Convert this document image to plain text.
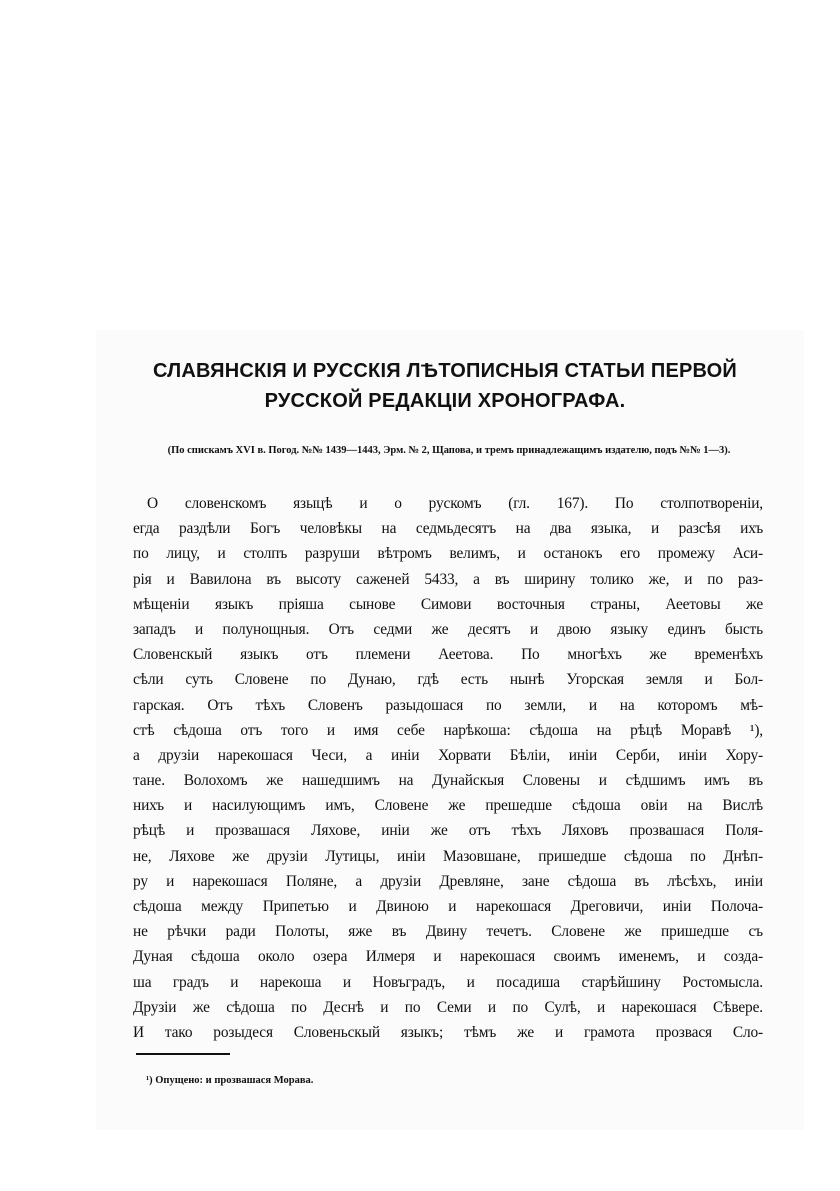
СЛАВЯНСКІЯ И РУССКІЯ ЛѢТОПИСНЫЯ СТАТЬИ ПЕРВОЙ
РУССКОЙ РЕДАКЦІИ ХРОНОГРАФА.

(По спискамъ XVI в. Погод. №№ 1439—1443, Эрм. № 2, Щапова, и тремъ принадлежащимъ издателю, подъ №№ 1—3).

О словенскомъ языцѣ и о рускомъ (гл. 167). По столпотвореніи,
егда раздѣли Богъ человѣкы на седмьдесятъ на два языка, и разсѣя ихъ
по лицу, и столпъ разруши вѣтромъ велимъ, и останокъ его промежу Аси-
рія и Вавилона въ высоту саженей 5433, а въ ширину толико же, и по раз-
мѣщеніи языкъ пріяша сынове Симови восточныя страны, Аеетовы же
западъ и полунощныя. Отъ седми же десятъ и двою языку единъ бысть
Словенскый языкъ отъ племени Аеетова. По многѣхъ же временѣхъ
сѣли суть Словене по Дунаю, гдѣ есть нынѣ Угорская земля и Бол-
гарская. Отъ тѣхъ Словенъ разыдошася по земли, и на которомъ мѣ-
стѣ сѣдоша отъ того и имя себе нарѣкоша: сѣдоша на рѣцѣ Моравѣ ¹),
а друзіи нарекошася Чеси, а иніи Хорвати Бѣліи, иніи Серби, иніи Хору-
тане. Волохомъ же нашедшимъ на Дунайскыя Словены и сѣдшимъ имъ въ
нихъ и насилующимъ имъ, Словене же прешедше сѣдоша овіи на Вислѣ
рѣцѣ и прозвашася Ляхове, иніи же отъ тѣхъ Ляховъ прозвашася Поля-
не, Ляхове же друзіи Лутицы, иніи Мазовшане, пришедше сѣдоша по Днѣп-
ру и нарекошася Поляне, а друзіи Древляне, зане сѣдоша въ лѣсѣхъ, иніи
сѣдоша между Припетью и Двиною и нарекошася Дреговичи, иніи Полоча-
не рѣчки ради Полоты, яже въ Двину течетъ. Словене же пришедше съ
Дуная сѣдоша около озера Илмеря и нарекошася своимъ именемъ, и созда-
ша градъ и нарекоша и Новъградъ, и посадиша старѣйшину Ростомысла.
Друзіи же сѣдоша по Деснѣ и по Семи и по Сулѣ, и нарекошася Сѣвере.
И тако розыдеся Словеньскый языкъ; тѣмъ же и грамота прозвася Сло-

¹) Опущено: и прозвашася Морава.
